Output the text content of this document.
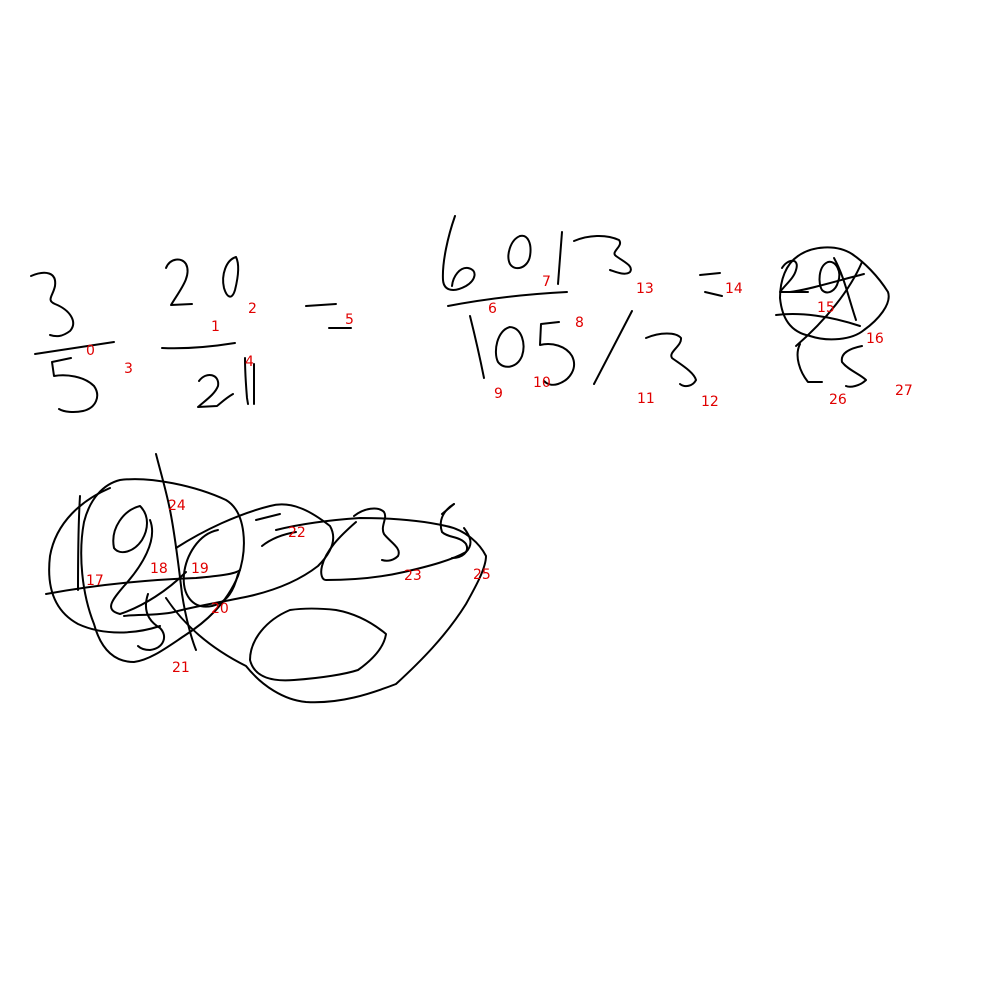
0
1
2
3	4
5
6
7
8
9
10
11	12
13	14
15
16
17
18 19
20
21
22
23
24
25
26
27
